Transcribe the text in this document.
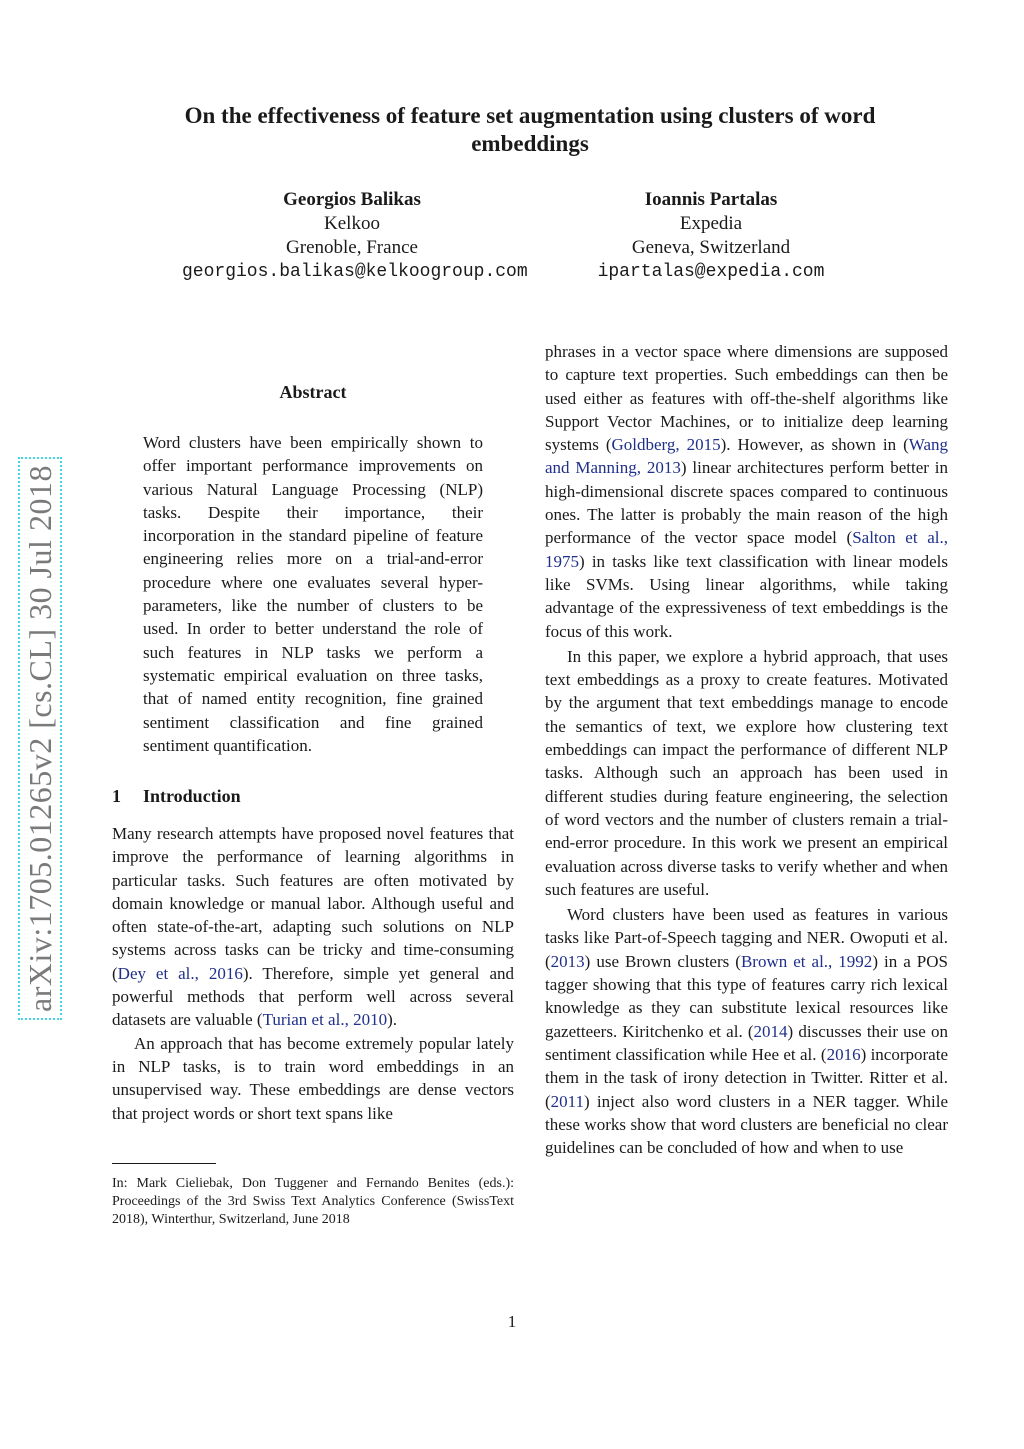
arXiv:1705.01265v2 [cs.CL] 30 Jul 2018
On the effectiveness of feature set augmentation using clusters of word embeddings
Georgios Balikas
Kelkoo
Grenoble, France
georgios.balikas@kelkoogroup.com
Ioannis Partalas
Expedia
Geneva, Switzerland
ipartalas@expedia.com
Abstract
Word clusters have been empirically shown to offer important performance improvements on various Natural Language Processing (NLP) tasks. Despite their importance, their incorporation in the standard pipeline of feature engineering relies more on a trial-and-error procedure where one evaluates several hyper-parameters, like the number of clusters to be used. In order to better understand the role of such features in NLP tasks we perform a systematic empirical evaluation on three tasks, that of named entity recognition, fine grained sentiment classification and fine grained sentiment quantification.
1 Introduction

Many research attempts have proposed novel features that improve the performance of learning algorithms in particular tasks. Such features are often motivated by domain knowledge or manual labor. Although useful and often state-of-the-art, adapting such solutions on NLP systems across tasks can be tricky and time-consuming (Dey et al., 2016). Therefore, simple yet general and powerful methods that perform well across several datasets are valuable (Turian et al., 2010).

An approach that has become extremely popular lately in NLP tasks, is to train word embeddings in an unsupervised way. These embeddings are dense vectors that project words or short text spans like

In: Mark Cieliebak, Don Tuggener and Fernando Benites (eds.): Proceedings of the 3rd Swiss Text Analytics Conference (SwissText 2018), Winterthur, Switzerland, June 2018

phrases in a vector space where dimensions are supposed to capture text properties. Such embeddings can then be used either as features with off-the-shelf algorithms like Support Vector Machines, or to initialize deep learning systems (Goldberg, 2015). However, as shown in (Wang and Manning, 2013) linear architectures perform better in high-dimensional discrete spaces compared to continuous ones. The latter is probably the main reason of the high performance of the vector space model (Salton et al., 1975) in tasks like text classification with linear models like SVMs. Using linear algorithms, while taking advantage of the expressiveness of text embeddings is the focus of this work.

In this paper, we explore a hybrid approach, that uses text embeddings as a proxy to create features. Motivated by the argument that text embeddings manage to encode the semantics of text, we explore how clustering text embeddings can impact the performance of different NLP tasks. Although such an approach has been used in different studies during feature engineering, the selection of word vectors and the number of clusters remain a trial-end-error procedure. In this work we present an empirical evaluation across diverse tasks to verify whether and when such features are useful.

Word clusters have been used as features in various tasks like Part-of-Speech tagging and NER. Owoputi et al. (2013) use Brown clusters (Brown et al., 1992) in a POS tagger showing that this type of features carry rich lexical knowledge as they can substitute lexical resources like gazetteers. Kiritchenko et al. (2014) discusses their use on sentiment classification while Hee et al. (2016) incorporate them in the task of irony detection in Twitter. Ritter et al. (2011) inject also word clusters in a NER tagger. While these works show that word clusters are beneficial no clear guidelines can be concluded of how and when to use

1
